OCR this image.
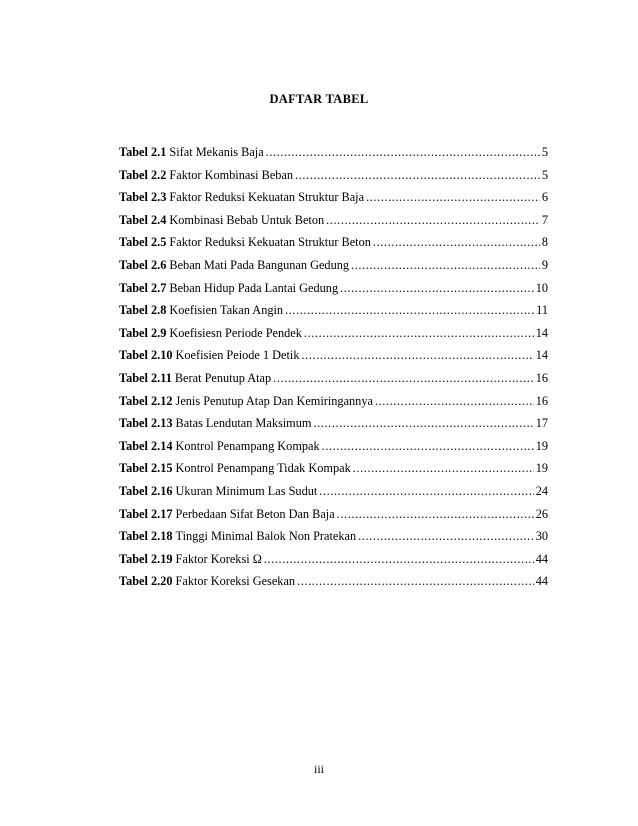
DAFTAR TABEL
Tabel 2.1 Sifat Mekanis Baja .....	5
Tabel 2.2 Faktor Kombinasi Beban .....	5
Tabel 2.3 Faktor Reduksi Kekuatan Struktur Baja .....	6
Tabel 2.4 Kombinasi Bebab Untuk Beton .....	7
Tabel 2.5 Faktor Reduksi Kekuatan Struktur Beton .....	8
Tabel 2.6 Beban Mati Pada Bangunan Gedung .....	9
Tabel 2.7 Beban Hidup Pada Lantai Gedung .....	10
Tabel 2.8 Koefisien Takan Angin .....	11
Tabel 2.9 Koefisiesn Periode Pendek .....	14
Tabel 2.10 Koefisien Peiode 1 Detik .....	14
Tabel 2.11 Berat Penutup Atap .....	16
Tabel 2.12 Jenis Penutup Atap Dan Kemiringannya .....	16
Tabel 2.13 Batas Lendutan Maksimum .....	17
Tabel 2.14 Kontrol Penampang Kompak .....	19
Tabel 2.15 Kontrol Penampang Tidak Kompak .....	19
Tabel 2.16 Ukuran Minimum Las Sudut .....	24
Tabel 2.17 Perbedaan Sifat Beton Dan Baja .....	26
Tabel 2.18 Tinggi Minimal Balok Non Pratekan .....	30
Tabel 2.19 Faktor Koreksi Ω .....	44
Tabel 2.20 Faktor Koreksi Gesekan .....	44
iii
